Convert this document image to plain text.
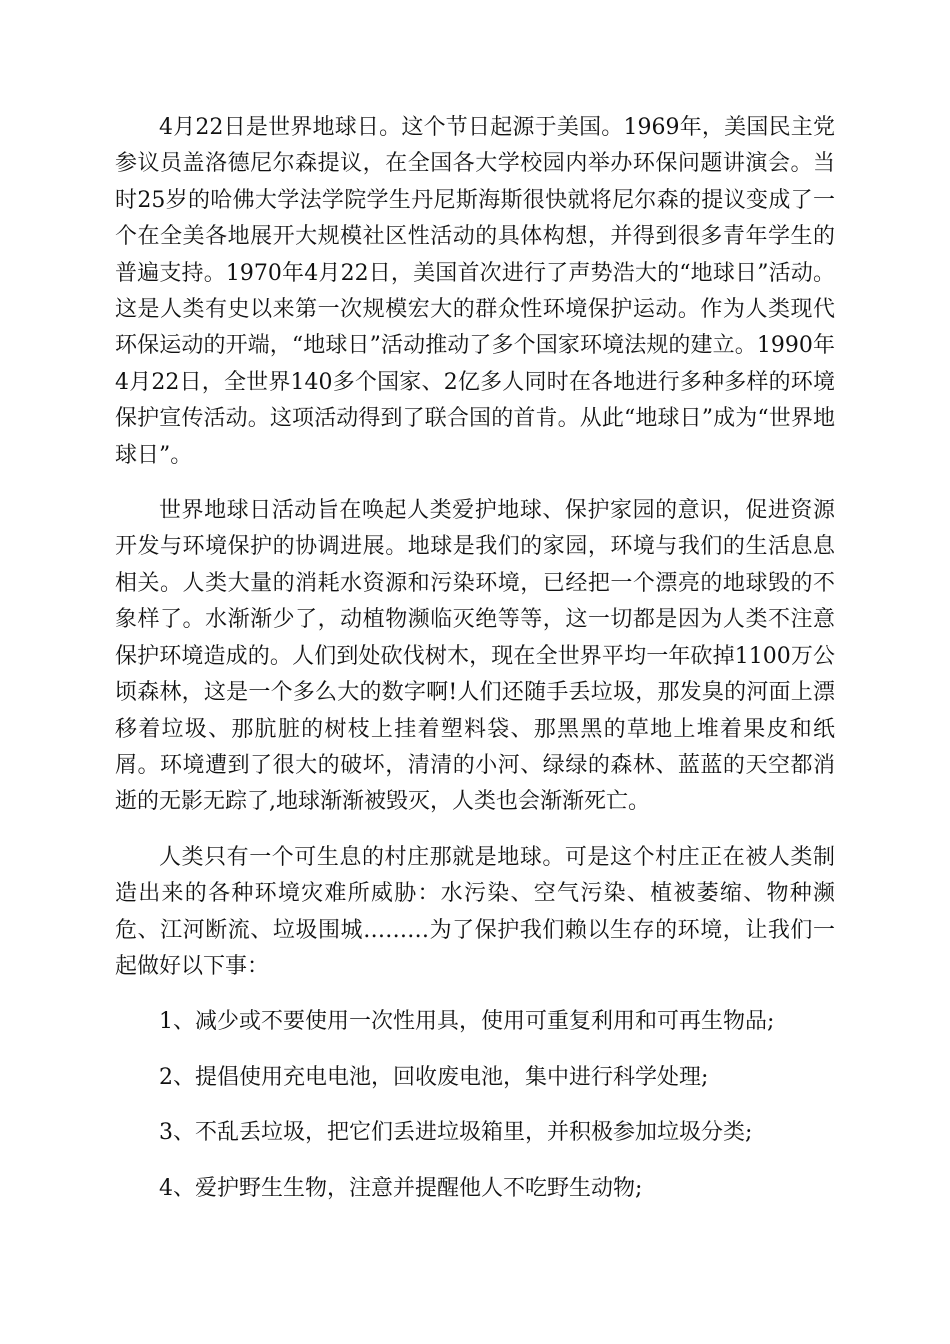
4月22日是世界地球日。这个节日起源于美国。1969年，美国民主党参议员盖洛德尼尔森提议，在全国各大学校园内举办环保问题讲演会。当时25岁的哈佛大学法学院学生丹尼斯海斯很快就将尼尔森的提议变成了一个在全美各地展开大规模社区性活动的具体构想，并得到很多青年学生的普遍支持。1970年4月22日，美国首次进行了声势浩大的“地球日”活动。这是人类有史以来第一次规模宏大的群众性环境保护运动。作为人类现代环保运动的开端，“地球日”活动推动了多个国家环境法规的建立。1990年4月22日，全世界140多个国家、2亿多人同时在各地进行多种多样的环境保护宣传活动。这项活动得到了联合国的首肯。从此“地球日”成为“世界地球日”。

世界地球日活动旨在唤起人类爱护地球、保护家园的意识，促进资源开发与环境保护的协调进展。地球是我们的家园，环境与我们的生活息息相关。人类大量的消耗水资源和污染环境，已经把一个漂亮的地球毁的不象样了。水渐渐少了，动植物濒临灭绝等等，这一切都是因为人类不注意保护环境造成的。人们到处砍伐树木，现在全世界平均一年砍掉1100万公顷森林，这是一个多么大的数字啊!人们还随手丢垃圾，那发臭的河面上漂移着垃圾、那肮脏的树枝上挂着塑料袋、那黑黑的草地上堆着果皮和纸屑。环境遭到了很大的破坏，清清的小河、绿绿的森林、蓝蓝的天空都消逝的无影无踪了,地球渐渐被毁灭，人类也会渐渐死亡。

人类只有一个可生息的村庄那就是地球。可是这个村庄正在被人类制造出来的各种环境灾难所威胁：水污染、空气污染、植被萎缩、物种濒危、江河断流、垃圾围城………为了保护我们赖以生存的环境，让我们一起做好以下事：

1、减少或不要使用一次性用具，使用可重复利用和可再生物品;

2、提倡使用充电电池，回收废电池，集中进行科学处理;

3、不乱丢垃圾，把它们丢进垃圾箱里，并积极参加垃圾分类;

4、爱护野生生物，注意并提醒他人不吃野生动物;
